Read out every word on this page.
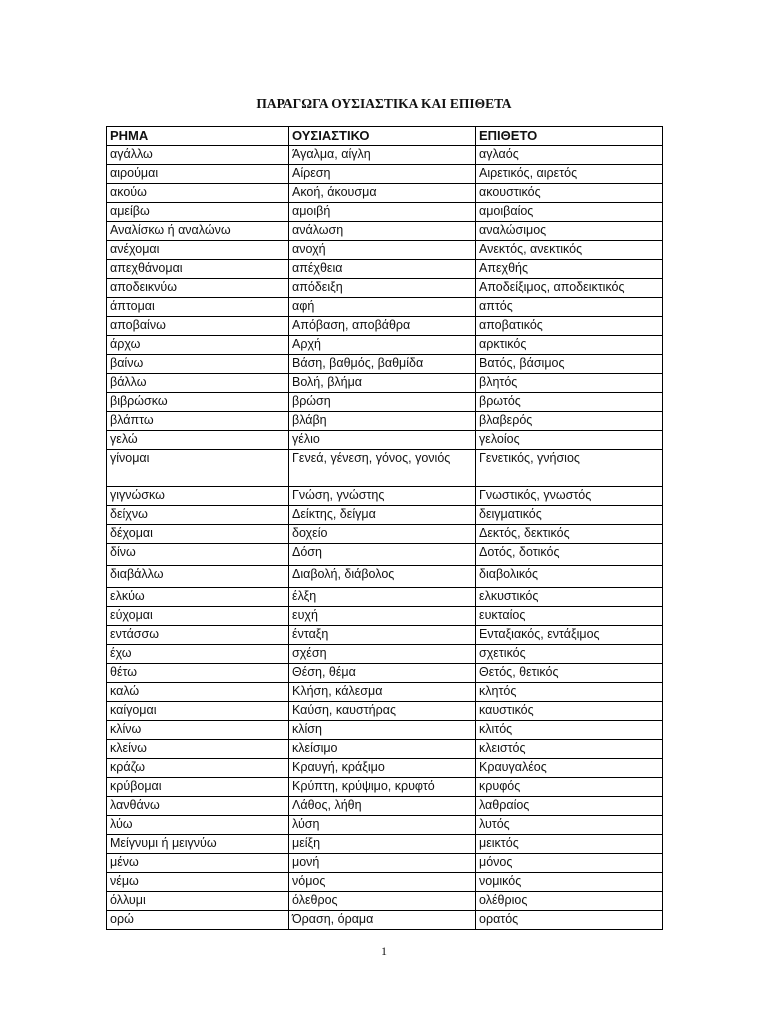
ΠΑΡΑΓΩΓΑ ΟΥΣΙΑΣΤΙΚΑ ΚΑΙ ΕΠΙΘΕΤΑ
ΡΗΜΑ	ΟΥΣΙΑΣΤΙΚΟ	ΕΠΙΘΕΤΟ
αγάλλω	Άγαλμα, αίγλη	αγλαός
αιρούμαι	Αίρεση	Αιρετικός, αιρετός
ακούω	Ακοή, άκουσμα	ακουστικός
αμείβω	αμοιβή	αμοιβαίος
Αναλίσκω ή αναλώνω	ανάλωση	αναλώσιμος
ανέχομαι	ανοχή	Ανεκτός, ανεκτικός
απεχθάνομαι	απέχθεια	Απεχθής
αποδεικνύω	απόδειξη	Αποδείξιμος, αποδεικτικός
άπτομαι	αφή	απτός
αποβαίνω	Απόβαση, αποβάθρα	αποβατικός
άρχω	Αρχή	αρκτικός
βαίνω	Βάση, βαθμός, βαθμίδα	Βατός, βάσιμος
βάλλω	Βολή, βλήμα	βλητός
βιβρώσκω	βρώση	βρωτός
βλάπτω	βλάβη	βλαβερός
γελώ	γέλιο	γελοίος
γίνομαι	Γενεά, γένεση, γόνος, γονιός	Γενετικός, γνήσιος
γιγνώσκω	Γνώση, γνώστης	Γνωστικός, γνωστός
δείχνω	Δείκτης, δείγμα	δειγματικός
δέχομαι	δοχείο	Δεκτός, δεκτικός
δίνω	Δόση	Δοτός, δοτικός
διαβάλλω	Διαβολή, διάβολος	διαβολικός
ελκύω	έλξη	ελκυστικός
εύχομαι	ευχή	ευκταίος
εντάσσω	ένταξη	Ενταξιακός, εντάξιμος
έχω	σχέση	σχετικός
θέτω	Θέση, θέμα	Θετός, θετικός
καλώ	Κλήση, κάλεσμα	κλητός
καίγομαι	Καύση, καυστήρας	καυστικός
κλίνω	κλίση	κλιτός
κλείνω	κλείσιμο	κλειστός
κράζω	Κραυγή, κράξιμο	Κραυγαλέος
κρύβομαι	Κρύπτη, κρύψιμο, κρυφτό	κρυφός
λανθάνω	Λάθος, λήθη	λαθραίος
λύω	λύση	λυτός
Μείγνυμι ή μειγνύω	μείξη	μεικτός
μένω	μονή	μόνος
νέμω	νόμος	νομικός
όλλυμι	όλεθρος	ολέθριος
ορώ	Όραση, όραμα	ορατός
1
